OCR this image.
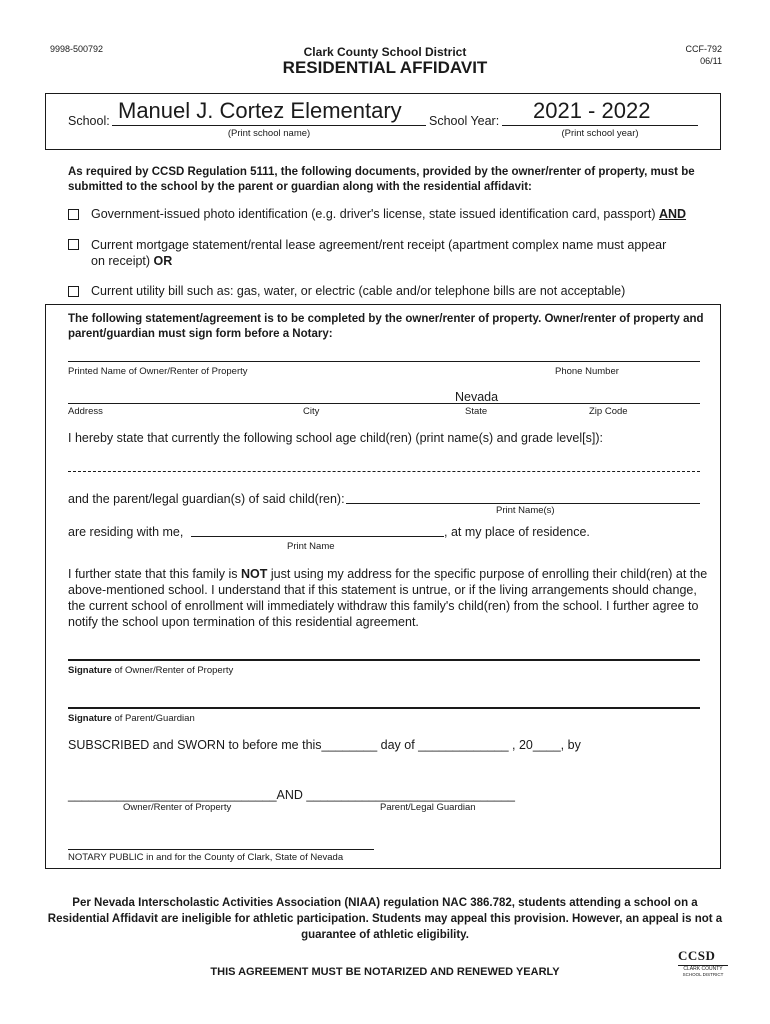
9998-500792	Clark County School District
RESIDENTIAL AFFIDAVIT
CCF-792
06/11
School: Manuel J. Cortez Elementary
(Print school name)
School Year: 2021 - 2022
(Print school year)
As required by CCSD Regulation 5111, the following documents, provided by the owner/renter of property, must be submitted to the school by the parent or guardian along with the residential affidavit:
Government-issued photo identification (e.g. driver's license, state issued identification card, passport) AND
Current mortgage statement/rental lease agreement/rent receipt (apartment complex name must appear on receipt) OR
Current utility bill such as: gas, water, or electric (cable and/or telephone bills are not acceptable)
The following statement/agreement is to be completed by the owner/renter of property. Owner/renter of property and parent/guardian must sign form before a Notary:
Printed Name of Owner/Renter of Property	Phone Number
Nevada
Address	City	State	Zip Code
I hereby state that currently the following school age child(ren) (print name(s) and grade level[s]):
and the parent/legal guardian(s) of said child(ren):
Print Name(s)
are residing with me,	, at my place of residence.
Print Name
I further state that this family is NOT just using my address for the specific purpose of enrolling their child(ren) at the above-mentioned school. I understand that if this statement is untrue, or if the living arrangements should change, the current school of enrollment will immediately withdraw this family's child(ren) from the school. I further agree to notify the school upon termination of this residential agreement.
Signature of Owner/Renter of Property
Signature of Parent/Guardian
SUBSCRIBED and SWORN to before me this________ day of _____________ , 20____, by
______________________________AND ______________________________
Owner/Renter of Property	Parent/Legal Guardian
NOTARY PUBLIC in and for the County of Clark, State of Nevada
Per Nevada Interscholastic Activities Association (NIAA) regulation NAC 386.782, students attending a school on a Residential Affidavit are ineligible for athletic participation. Students may appeal this provision. However, an appeal is not a guarantee of athletic eligibility.
THIS AGREEMENT MUST BE NOTARIZED AND RENEWED YEARLY
CCSD
CLARK COUNTY
SCHOOL DISTRICT
